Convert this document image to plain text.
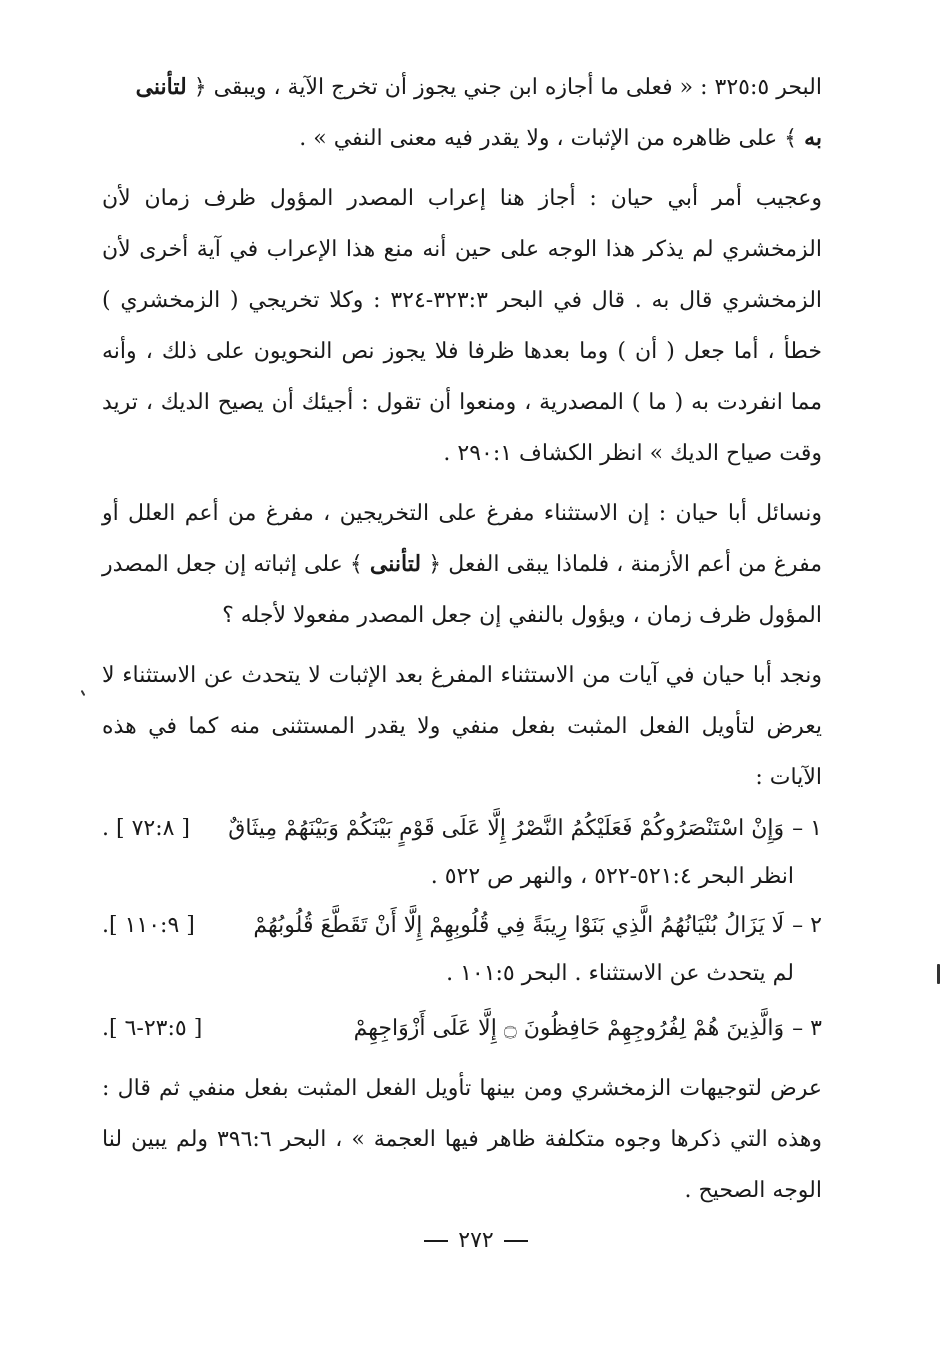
البحر ٣٢٥:٥ : « فعلى ما أجازه ابن جني يجوز أن تخرج الآية ، ويبقى ﴿ لتأننى
به ﴾ على ظاهره من الإثبات ، ولا يقدر فيه معنى النفي » .

وعجيب أمر أبي حيان : أجاز هنا إعراب المصدر المؤول ظرف زمان لأن الزمخشري لم يذكر هذا الوجه على حين أنه منع هذا الإعراب في آية أخرى لأن الزمخشري قال به . قال في البحر ٣٢٣:٣-٣٢٤ : وكلا تخريجي ( الزمخشري ) خطأ ، أما جعل ( أن ) وما بعدها ظرفا فلا يجوز نص النحويون على ذلك ، وأنه مما انفردت به ( ما ) المصدرية ، ومنعوا أن تقول : أجيئك أن يصيح الديك ، تريد وقت صياح الديك » انظر الكشاف ٢٩٠:١ .

ونسائل أبا حيان : إن الاستثناء مفرغ على التخريجين ، مفرغ من أعم العلل أو مفرغ من أعم الأزمنة ، فلماذا يبقى الفعل ﴿ لتأننى ﴾ على إثباته إن جعل المصدر المؤول ظرف زمان ، ويؤول بالنفي إن جعل المصدر مفعولا لأجله ؟

ونجد أبا حيان في آيات من الاستثناء المفرغ بعد الإثبات لا يتحدث عن الاستثناء لا يعرض لتأويل الفعل المثبت بفعل منفي ولا يقدر المستثنى منه كما في هذه الآيات :

١ –
وَإِنْ اسْتَنْصَرُوكُمْ فَعَلَيْكُمُ النَّصْرُ إِلَّا عَلَى قَوْمٍ بَيْنَكُمْ وَبَيْنَهُمْ مِيثَاقٌ
[ ٧٢:٨ ] .

انظر البحر ٥٢١:٤-٥٢٢ ، والنهر ص ٥٢٢ .

٢ –
لَا يَزَالُ بُنْيَانُهُمُ الَّذِي بَنَوْا رِيبَةً فِي قُلُوبِهِمْ إِلَّا أَنْ تَقَطَّعَ قُلُوبُهُمْ
[ ١١٠:٩ ].

لم يتحدث عن الاستثناء . البحر ١٠١:٥ .

٣ –
وَالَّذِينَ هُمْ لِفُرُوجِهِمْ حَافِظُونَ ۝ إِلَّا عَلَى أَزْوَاجِهِمْ
[ ٢٣:٥-٦ ].

عرض لتوجيهات الزمخشري ومن بينها تأويل الفعل المثبت بفعل منفي ثم قال : وهذه التي ذكرها وجوه متكلفة ظاهر فيها العجمة » ، البحر ٣٩٦:٦ ولم يبين لنا الوجه الصحيح .

٢٧٢
